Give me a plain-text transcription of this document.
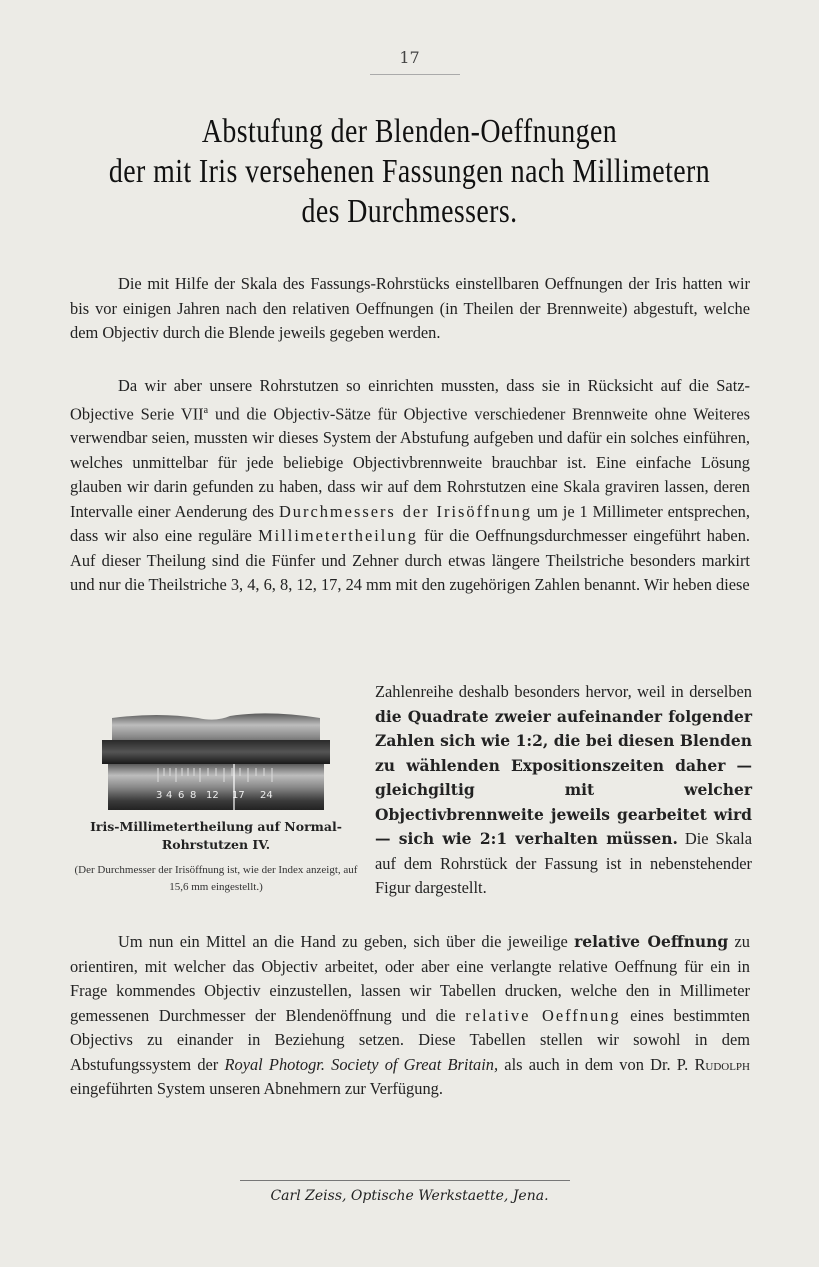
17
Abstufung der Blenden-Oeffnungen
der mit Iris versehenen Fassungen nach Millimetern
des Durchmessers.

Die mit Hilfe der Skala des Fassungs-Rohrstücks einstellbaren Oeffnungen der Iris hatten wir bis vor einigen Jahren nach den relativen Oeffnungen (in Theilen der Brennweite) abgestuft, welche dem Objectiv durch die Blende jeweils gegeben werden.

Da wir aber unsere Rohrstutzen so einrichten mussten, dass sie in Rücksicht auf die Satz-Objective Serie VII$^a$ und die Objectiv-Sätze für Objective verschiedener Brennweite ohne Weiteres verwendbar seien, mussten wir dieses System der Abstufung aufgeben und dafür ein solches einführen, welches unmittelbar für jede beliebige Objectivbrennweite brauchbar ist. Eine einfache Lösung glauben wir darin gefunden zu haben, dass wir auf dem Rohrstutzen eine Skala graviren lassen, deren Intervalle einer Aenderung des Durchmessers der Irisöffnung um je 1 Millimeter entsprechen, dass wir also eine reguläre Millimetertheilung für die Oeffnungsdurchmesser eingeführt haben. Auf dieser Theilung sind die Fünfer und Zehner durch etwas längere Theilstriche besonders markirt und nur die Theilstriche 3, 4, 6, 8, 12, 17, 24 mm mit den zugehörigen Zahlen benannt. Wir heben diese

Zahlenreihe deshalb besonders hervor, weil in derselben die Quadrate zweier aufeinander folgender Zahlen sich wie 1:2, die bei diesen Blenden zu wählenden Expositionszeiten daher — gleichgiltig mit welcher Objectivbrennweite jeweils gearbeitet wird — sich wie 2:1 verhalten müssen. Die Skala auf dem Rohrstück der Fassung ist in nebenstehender Figur dargestellt.

3 4 6 8 12 17 24
Iris-Millimetertheilung auf Normal-Rohrstutzen IV.
(Der Durchmesser der Irisöffnung ist, wie der Index anzeigt, auf 15,6 mm eingestellt.)

Um nun ein Mittel an die Hand zu geben, sich über die jeweilige relative Oeffnung zu orientiren, mit welcher das Objectiv arbeitet, oder aber eine verlangte relative Oeffnung für ein in Frage kommendes Objectiv einzustellen, lassen wir Tabellen drucken, welche den in Millimeter gemessenen Durchmesser der Blendenöffnung und die relative Oeffnung eines bestimmten Objectivs zu einander in Beziehung setzen. Diese Tabellen stellen wir sowohl in dem Abstufungssystem der Royal Photogr. Society of Great Britain, als auch in dem von Dr. P. Rudolph eingeführten System unseren Abnehmern zur Verfügung.

Carl Zeiss, Optische Werkstaette, Jena.
